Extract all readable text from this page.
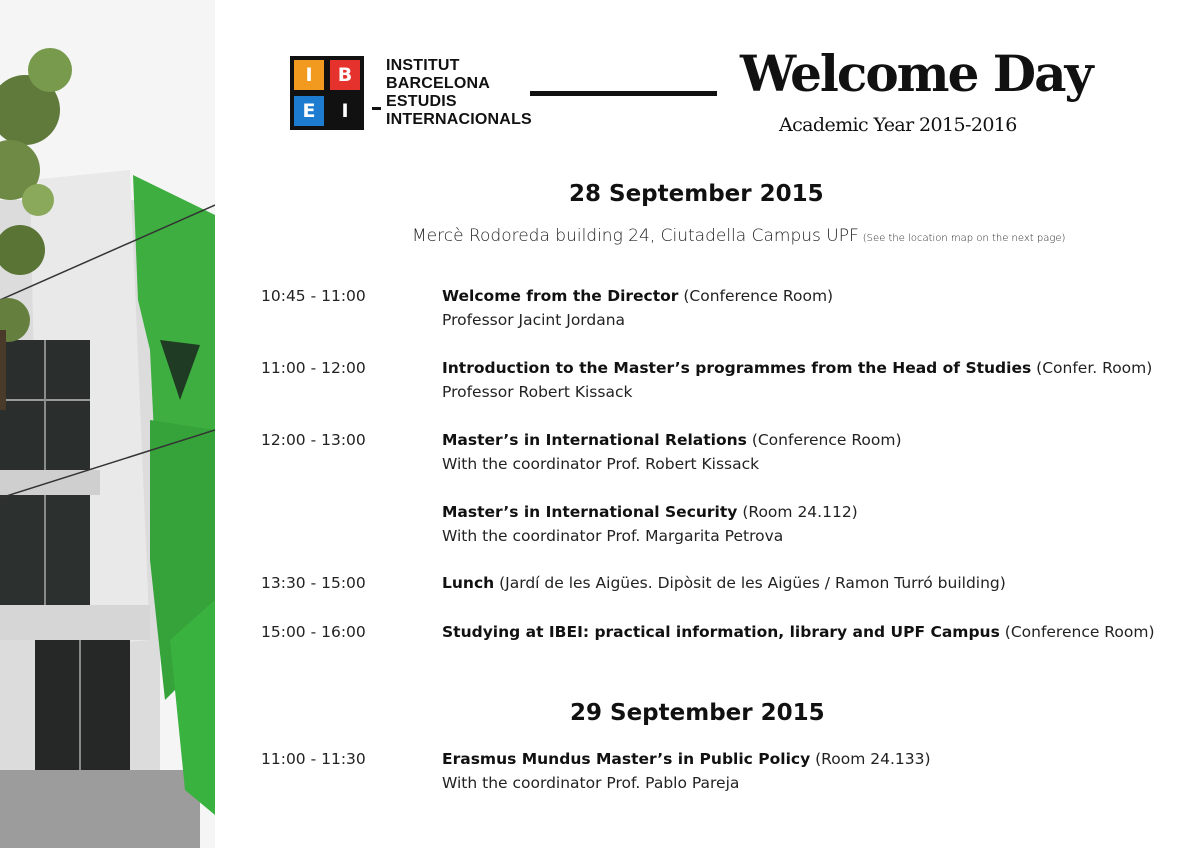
I	B
E	I
INSTITUT
BARCELONA
ESTUDIS
INTERNACIONALS
Welcome Day
Academic Year 2015-2016
28 September 2015
Mercè Rodoreda building 24, Ciutadella Campus UPF (See the location map on the next page)
10:45 - 11:00	Welcome from the Director (Conference Room)
Professor Jacint Jordana
11:00 - 12:00	Introduction to the Master’s programmes from the Head of Studies (Confer. Room)
Professor Robert Kissack
12:00 - 13:00	Master’s in International Relations (Conference Room)
With the coordinator Prof. Robert Kissack
Master’s in International Security (Room 24.112)
With the coordinator Prof. Margarita Petrova
13:30 - 15:00	Lunch (Jardí de les Aigües. Dipòsit de les Aigües / Ramon Turró building)
15:00 - 16:00	Studying at IBEI: practical information, library and UPF Campus (Conference Room)
29 September 2015
11:00 - 11:30	Erasmus Mundus Master’s in Public Policy (Room 24.133)
With the coordinator Prof. Pablo Pareja
